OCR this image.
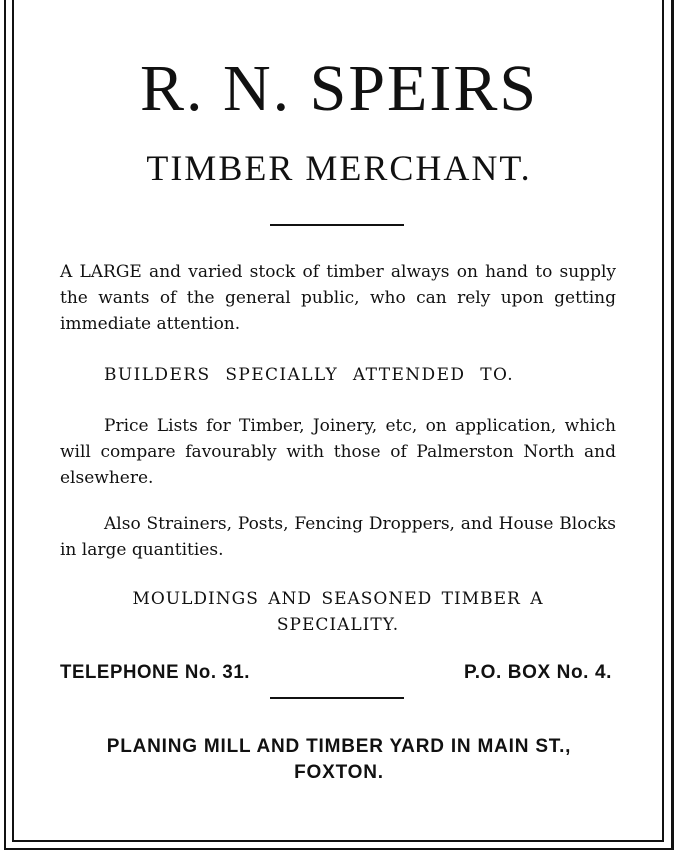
R. N. SPEIRS
TIMBER MERCHANT.
A LARGE and varied stock of timber always on hand to supply the wants of the general public, who can rely upon getting immediate attention.
BUILDERS SPECIALLY ATTENDED TO.
Price Lists for Timber, Joinery, etc, on application, which will compare favourably with those of Palmerston North and elsewhere.
Also Strainers, Posts, Fencing Droppers, and House Blocks in large quantities.
MOULDINGS AND SEASONED TIMBER A
SPECIALITY.
TELEPHONE No. 31.	P.O. BOX No. 4.
PLANING MILL AND TIMBER YARD IN MAIN ST.,
FOXTON.
